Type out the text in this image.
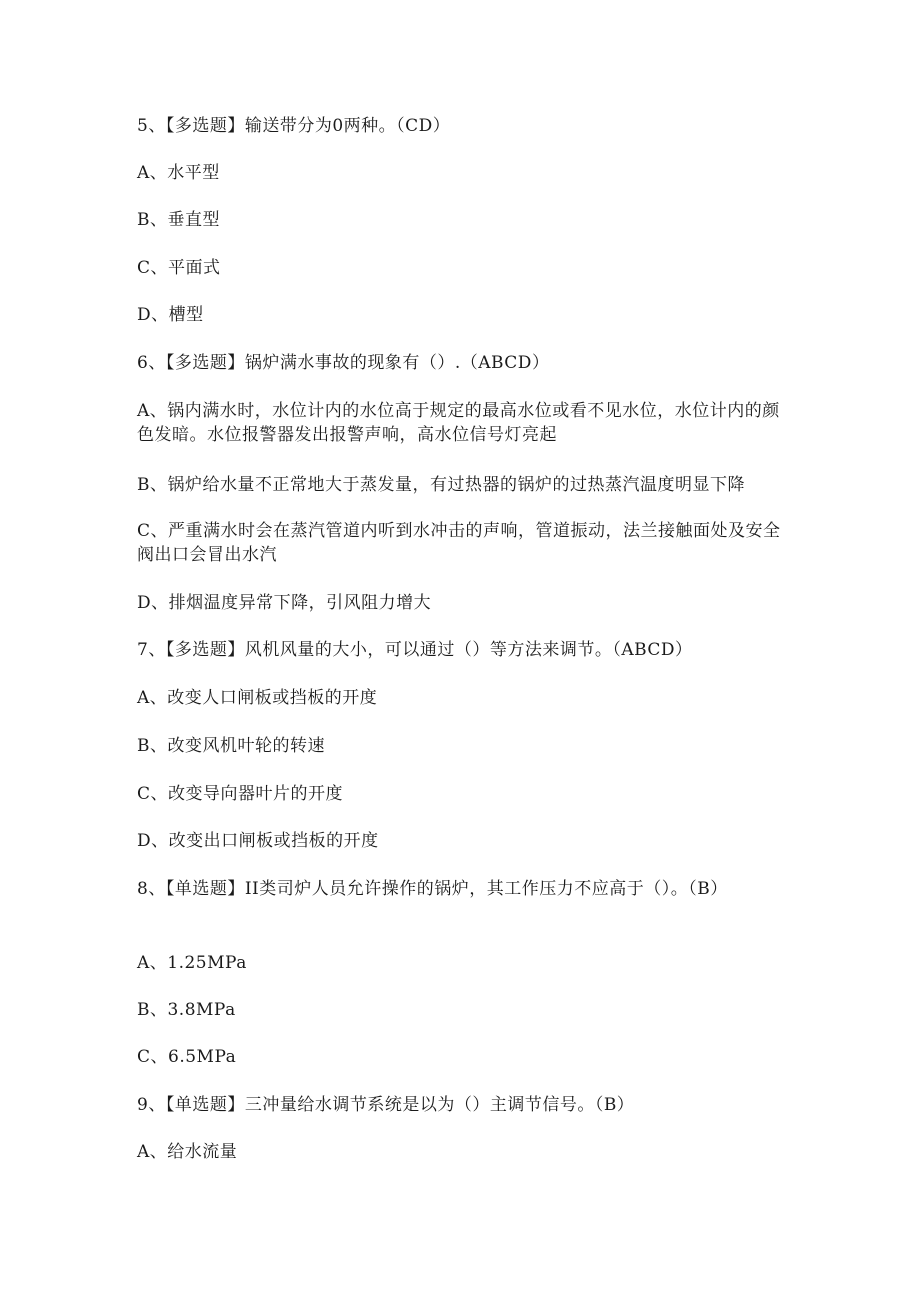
5、【多选题】输送带分为0两种。（CD）
A、水平型
B、垂直型
C、平面式
D、槽型
6、【多选题】锅炉满水事故的现象有（）.（ABCD）
A、锅内满水时，水位计内的水位高于规定的最高水位或看不见水位，水位计内的颜色发暗。水位报警器发出报警声响，高水位信号灯亮起
B、锅炉给水量不正常地大于蒸发量，有过热器的锅炉的过热蒸汽温度明显下降
C、严重满水时会在蒸汽管道内听到水冲击的声响，管道振动，法兰接触面处及安全阀出口会冒出水汽
D、排烟温度异常下降，引风阻力增大
7、【多选题】风机风量的大小，可以通过（）等方法来调节。（ABCD）
A、改变人口闸板或挡板的开度
B、改变风机叶轮的转速
C、改变导向器叶片的开度
D、改变出口闸板或挡板的开度
8、【单选题】II类司炉人员允许操作的锅炉，其工作压力不应高于（）。（B）
A、1.25MPa
B、3.8MPa
C、6.5MPa
9、【单选题】三冲量给水调节系统是以为（）主调节信号。（B）
A、给水流量
